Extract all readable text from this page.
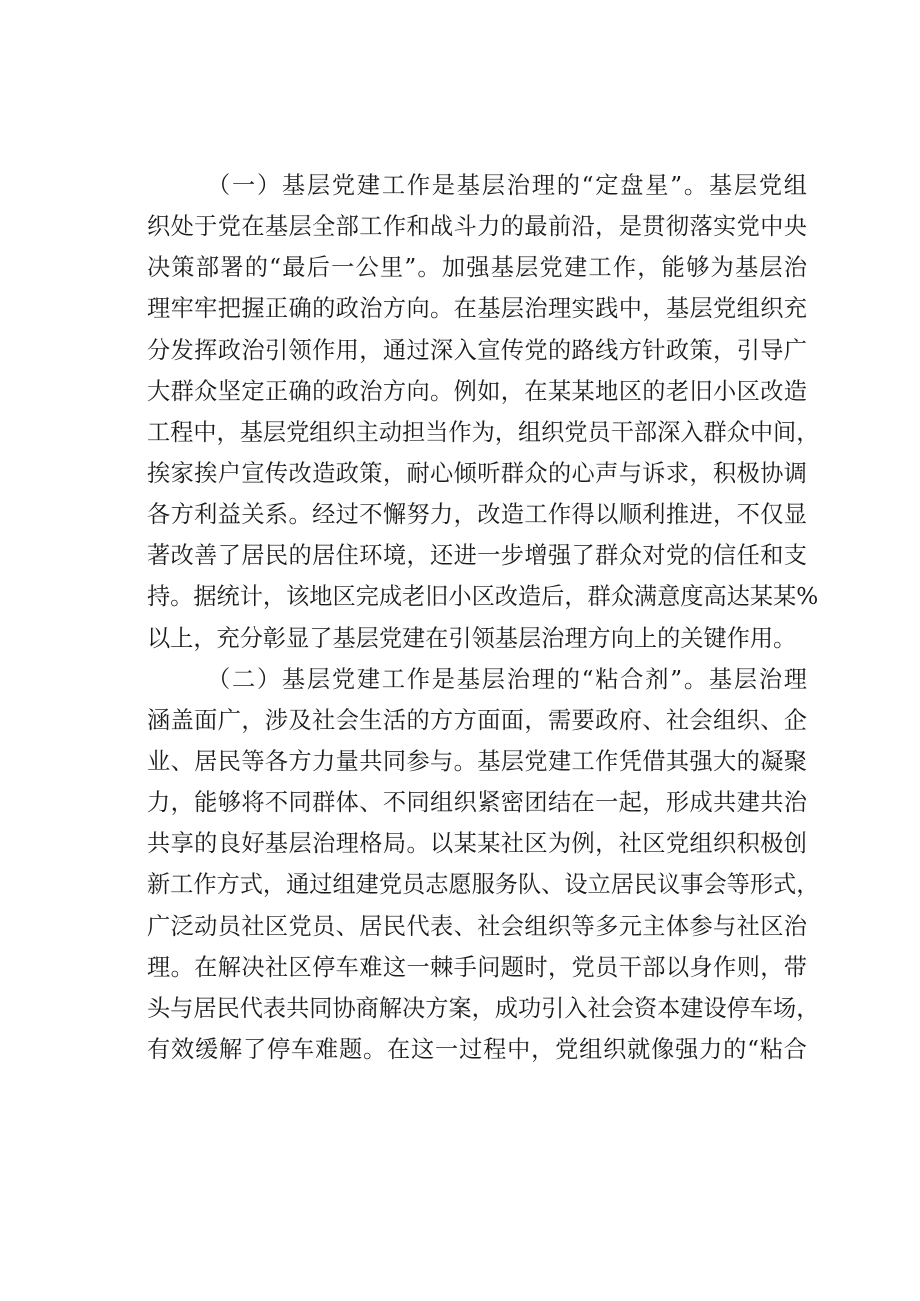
（一）基层党建工作是基层治理的“定盘星”。基层党组
织处于党在基层全部工作和战斗力的最前沿，是贯彻落实党中央
决策部署的“最后一公里”。加强基层党建工作，能够为基层治
理牢牢把握正确的政治方向。在基层治理实践中，基层党组织充
分发挥政治引领作用，通过深入宣传党的路线方针政策，引导广
大群众坚定正确的政治方向。例如，在某某地区的老旧小区改造
工程中，基层党组织主动担当作为，组织党员干部深入群众中间，
挨家挨户宣传改造政策，耐心倾听群众的心声与诉求，积极协调
各方利益关系。经过不懈努力，改造工作得以顺利推进，不仅显
著改善了居民的居住环境，还进一步增强了群众对党的信任和支
持。据统计，该地区完成老旧小区改造后，群众满意度高达某某%
以上，充分彰显了基层党建在引领基层治理方向上的关键作用。
（二）基层党建工作是基层治理的“粘合剂”。基层治理
涵盖面广，涉及社会生活的方方面面，需要政府、社会组织、企
业、居民等各方力量共同参与。基层党建工作凭借其强大的凝聚
力，能够将不同群体、不同组织紧密团结在一起，形成共建共治
共享的良好基层治理格局。以某某社区为例，社区党组织积极创
新工作方式，通过组建党员志愿服务队、设立居民议事会等形式，
广泛动员社区党员、居民代表、社会组织等多元主体参与社区治
理。在解决社区停车难这一棘手问题时，党员干部以身作则，带
头与居民代表共同协商解决方案，成功引入社会资本建设停车场，
有效缓解了停车难题。在这一过程中，党组织就像强力的“粘合
